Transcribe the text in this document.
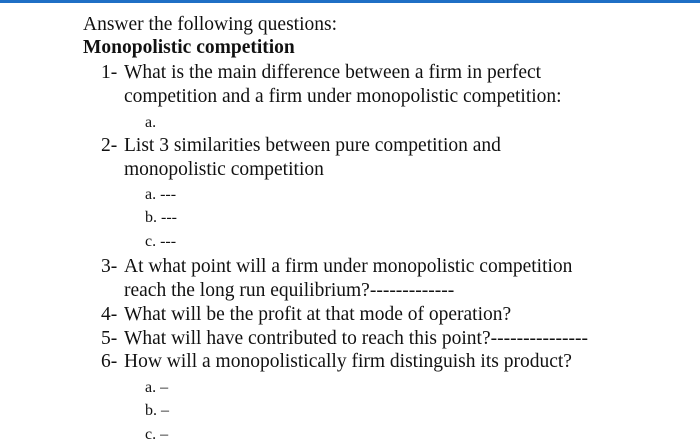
Answer the following questions:
Monopolistic competition
1- What is the main difference between a firm in perfect
competition and a firm under monopolistic competition:
a.
2- List 3 similarities between pure competition and
monopolistic competition
a. ---
b. ---
c. ---
3- At what point will a firm under monopolistic competition
reach the long run equilibrium?-------------
4- What will be the profit at that mode of operation?
5- What will have contributed to reach this point?---------------
6- How will a monopolistically firm distinguish its product?
a. –
b. –
c. –
